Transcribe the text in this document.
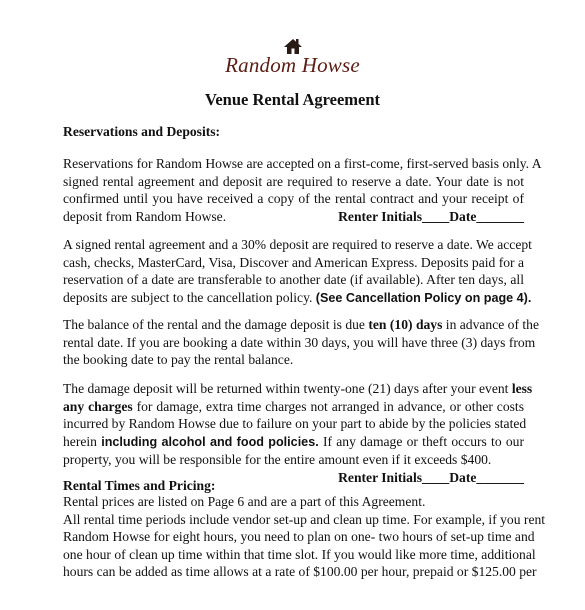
Random Howse
Venue Rental Agreement
Reservations and Deposits:
Reservations for Random Howse are accepted on a first-come, first-served basis only. A
signed rental agreement and deposit are required to reserve a date. Your date is not
confirmed until you have received a copy of the rental contract and your receipt of
deposit from Random Howse.	Renter Initials____Date_______
A signed rental agreement and a 30% deposit are required to reserve a date. We accept
cash, checks, MasterCard, Visa, Discover and American Express. Deposits paid for a
reservation of a date are transferable to another date (if available). After ten days, all
deposits are subject to the cancellation policy. (See Cancellation Policy on page 4).
The balance of the rental and the damage deposit is due ten (10) days in advance of the
rental date. If you are booking a date within 30 days, you will have three (3) days from
the booking date to pay the rental balance.
The damage deposit will be returned within twenty-one (21) days after your event less
any charges for damage, extra time charges not arranged in advance, or other costs
incurred by Random Howse due to failure on your part to abide by the policies stated
herein including alcohol and food policies. If any damage or theft occurs to our
property, you will be responsible for the entire amount even if it exceeds $400.
Renter Initials____Date_______
Rental Times and Pricing:
Rental prices are listed on Page 6 and are a part of this Agreement.
All rental time periods include vendor set-up and clean up time. For example, if you rent
Random Howse for eight hours, you need to plan on one- two hours of set-up time and
one hour of clean up time within that time slot. If you would like more time, additional
hours can be added as time allows at a rate of $100.00 per hour, prepaid or $125.00 per
